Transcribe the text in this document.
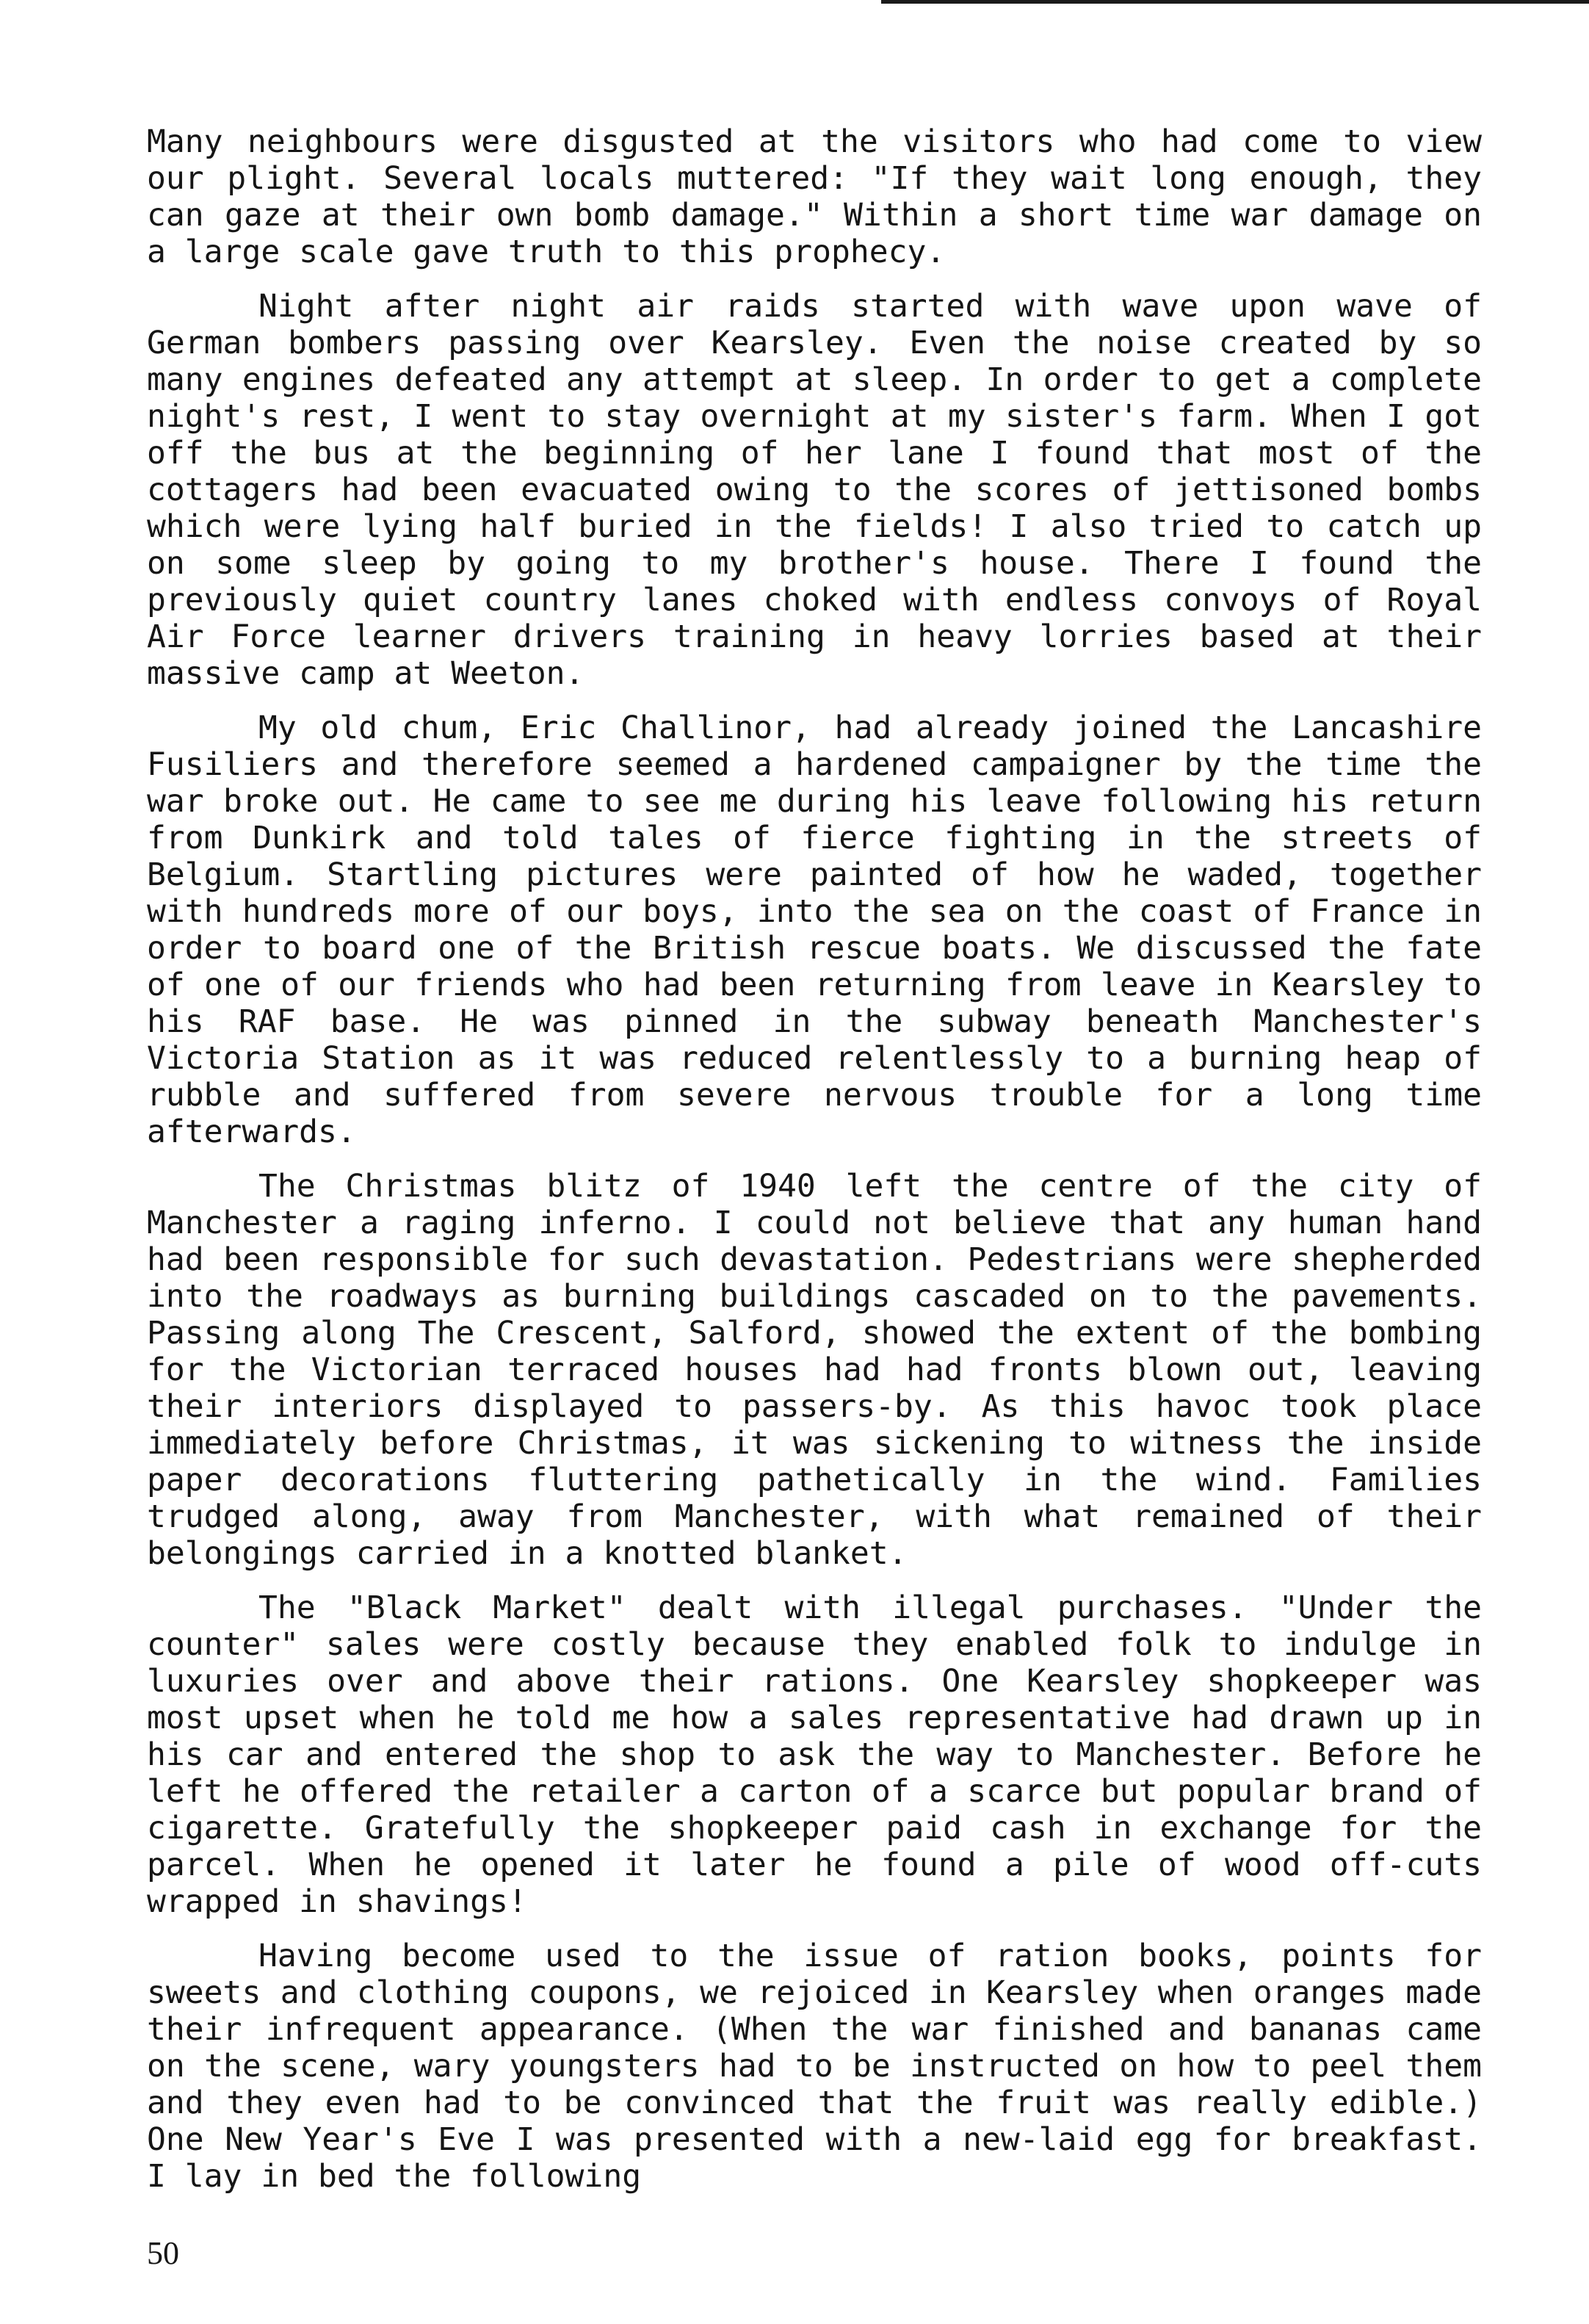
Many neighbours were disgusted at the visitors who had come to view our plight. Several locals muttered: "If they wait long enough, they can gaze at their own bomb damage." Within a short time war damage on a large scale gave truth to this prophecy.

Night after night air raids started with wave upon wave of German bombers passing over Kearsley. Even the noise created by so many engines defeated any attempt at sleep. In order to get a complete night's rest, I went to stay overnight at my sister's farm. When I got off the bus at the beginning of her lane I found that most of the cottagers had been evacuated owing to the scores of jettisoned bombs which were lying half buried in the fields! I also tried to catch up on some sleep by going to my brother's house. There I found the previously quiet country lanes choked with endless convoys of Royal Air Force learner drivers training in heavy lorries based at their massive camp at Weeton.

My old chum, Eric Challinor, had already joined the Lancashire Fusiliers and therefore seemed a hardened campaigner by the time the war broke out. He came to see me during his leave following his return from Dunkirk and told tales of fierce fighting in the streets of Belgium. Startling pictures were painted of how he waded, together with hundreds more of our boys, into the sea on the coast of France in order to board one of the British rescue boats. We discussed the fate of one of our friends who had been returning from leave in Kearsley to his RAF base. He was pinned in the subway beneath Manchester's Victoria Station as it was reduced relentlessly to a burning heap of rubble and suffered from severe nervous trouble for a long time afterwards.

The Christmas blitz of 1940 left the centre of the city of Manchester a raging inferno. I could not believe that any human hand had been responsible for such devastation. Pedestrians were shepherded into the roadways as burning buildings cascaded on to the pavements. Passing along The Crescent, Salford, showed the extent of the bombing for the Victorian terraced houses had had fronts blown out, leaving their interiors displayed to passers-by. As this havoc took place immediately before Christmas, it was sickening to witness the inside paper decorations fluttering pathetically in the wind. Families trudged along, away from Manchester, with what remained of their belongings carried in a knotted blanket.

The "Black Market" dealt with illegal purchases. "Under the counter" sales were costly because they enabled folk to indulge in luxuries over and above their rations. One Kearsley shopkeeper was most upset when he told me how a sales representative had drawn up in his car and entered the shop to ask the way to Manchester. Before he left he offered the retailer a carton of a scarce but popular brand of cigarette. Gratefully the shopkeeper paid cash in exchange for the parcel. When he opened it later he found a pile of wood off-cuts wrapped in shavings!

Having become used to the issue of ration books, points for sweets and clothing coupons, we rejoiced in Kearsley when oranges made their infrequent appearance. (When the war finished and bananas came on the scene, wary youngsters had to be instructed on how to peel them and they even had to be convinced that the fruit was really edible.) One New Year's Eve I was presented with a new-laid egg for breakfast. I lay in bed the following

50
